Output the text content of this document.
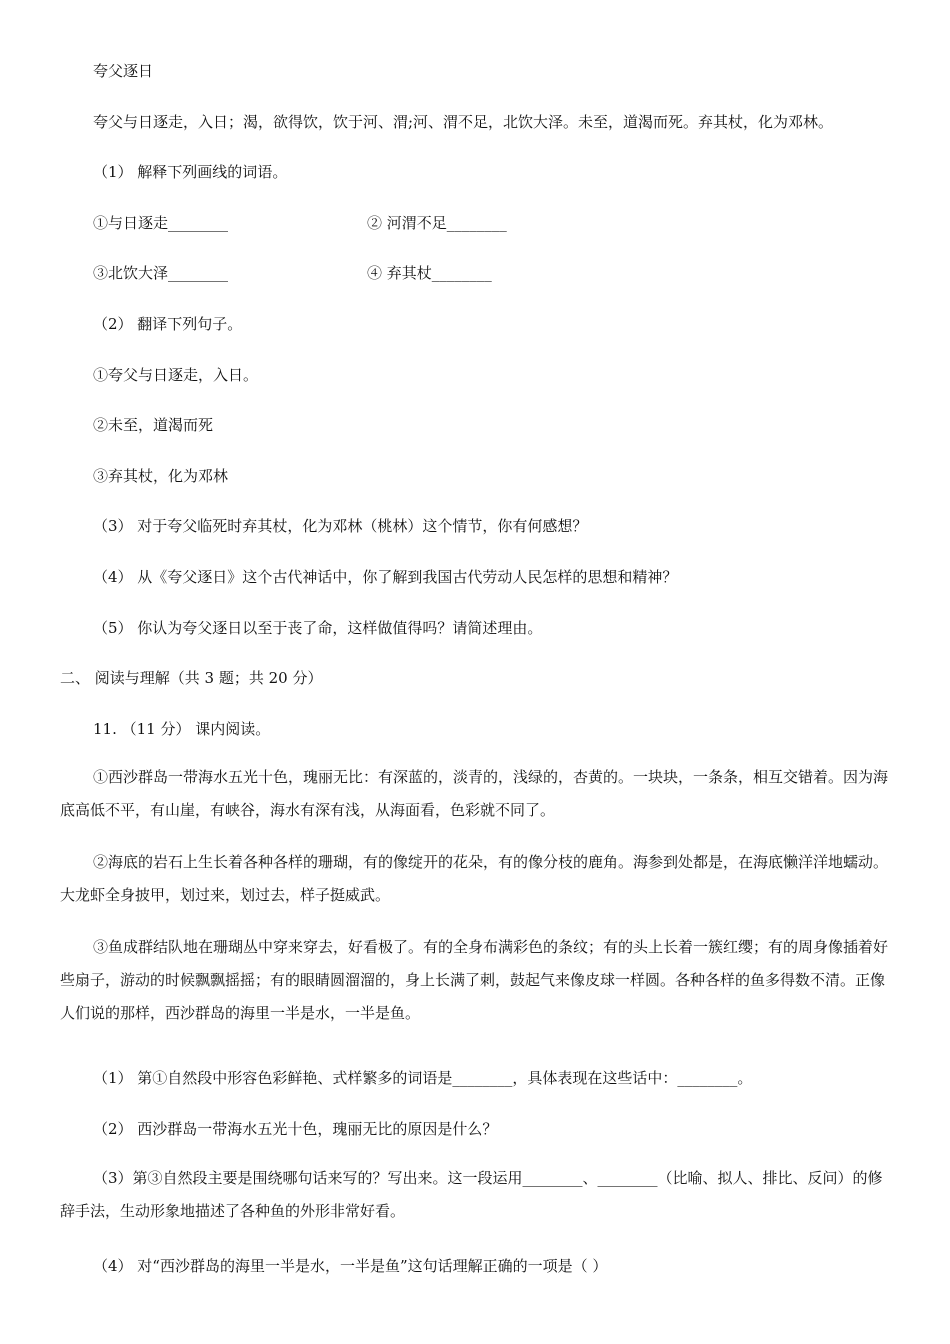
夸父逐日
夸父与日逐走，入日；渴，欲得饮，饮于河、渭;河、渭不足，北饮大泽。未至，道渴而死。弃其杖，化为邓林。
（1） 解释下列画线的词语。
①与日逐走________	② 河渭不足________
③北饮大泽________	④ 弃其杖________
（2） 翻译下列句子。
①夸父与日逐走，入日。
②未至，道渴而死
③弃其杖，化为邓林
（3） 对于夸父临死时弃其杖，化为邓林（桃林）这个情节，你有何感想？
（4） 从《夸父逐日》这个古代神话中，你了解到我国古代劳动人民怎样的思想和精神？
（5） 你认为夸父逐日以至于丧了命，这样做值得吗？请简述理由。
二、 阅读与理解（共 3 题；共 20 分）
11. （11 分） 课内阅读。
①西沙群岛一带海水五光十色，瑰丽无比：有深蓝的，淡青的，浅绿的，杏黄的。一块块，一条条，相互交错着。因为海底高低不平，有山崖，有峡谷，海水有深有浅，从海面看，色彩就不同了。
②海底的岩石上生长着各种各样的珊瑚，有的像绽开的花朵，有的像分枝的鹿角。海参到处都是，在海底懒洋洋地蠕动。大龙虾全身披甲，划过来，划过去，样子挺威武。
③鱼成群结队地在珊瑚丛中穿来穿去，好看极了。有的全身布满彩色的条纹；有的头上长着一簇红缨；有的周身像插着好些扇子，游动的时候飘飘摇摇；有的眼睛圆溜溜的，身上长满了刺，鼓起气来像皮球一样圆。各种各样的鱼多得数不清。正像人们说的那样，西沙群岛的海里一半是水，一半是鱼。
（1） 第①自然段中形容色彩鲜艳、式样繁多的词语是________，具体表现在这些话中：________。
（2） 西沙群岛一带海水五光十色，瑰丽无比的原因是什么？
（3）第③自然段主要是围绕哪句话来写的？写出来。这一段运用________、________（比喻、拟人、排比、反问）的修辞手法，生动形象地描述了各种鱼的外形非常好看。
（4） 对“西沙群岛的海里一半是水，一半是鱼”这句话理解正确的一项是（ ）
